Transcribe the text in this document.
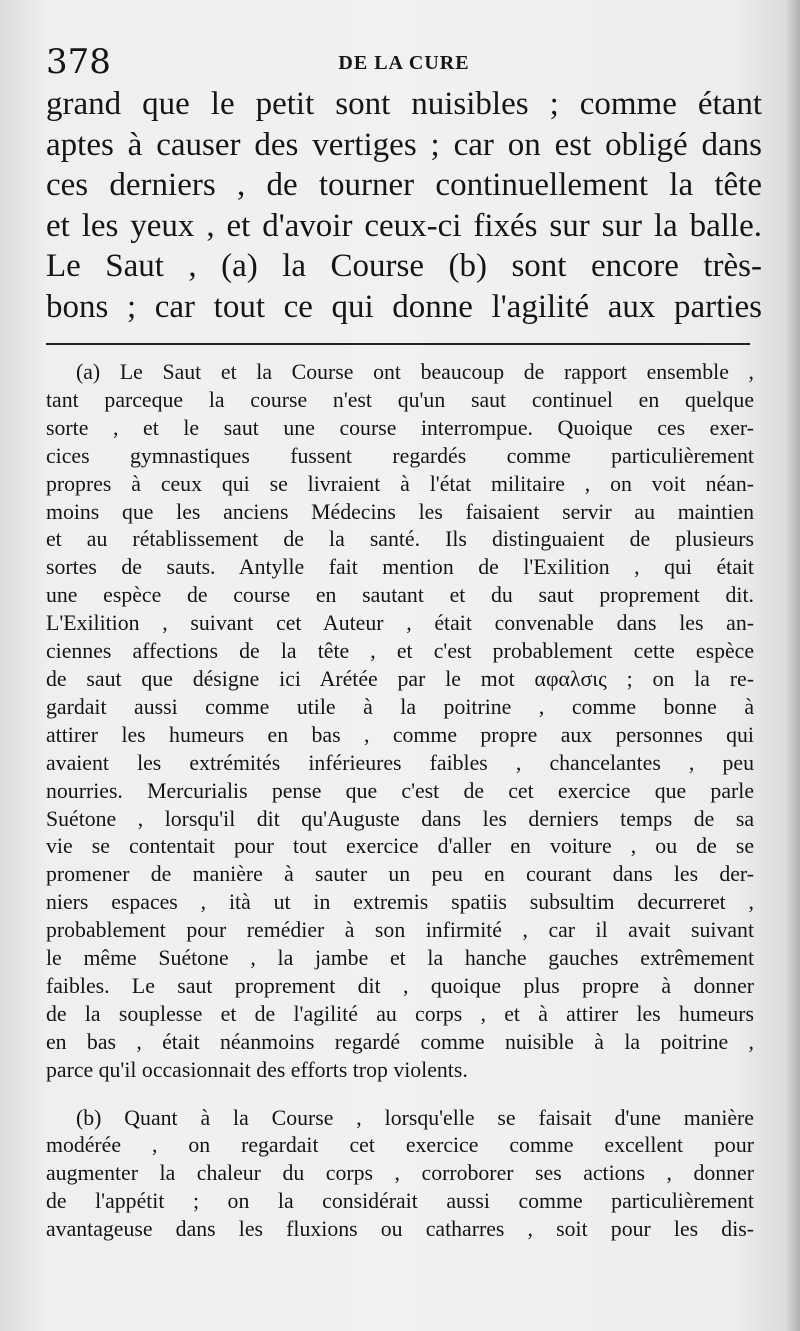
378	DE LA CURE
grand que le petit sont nuisibles ; comme étant
aptes à causer des vertiges ; car on est obligé dans
ces derniers , de tourner continuellement la tête
et les yeux , et d'avoir ceux-ci fixés sur sur la balle.
Le Saut , (a) la Course (b) sont encore très-
bons ; car tout ce qui donne l'agilité aux parties
(a) Le Saut et la Course ont beaucoup de rapport ensemble ,
tant parceque la course n'est qu'un saut continuel en quelque
sorte , et le saut une course interrompue. Quoique ces exer-
cices gymnastiques fussent regardés comme particulièrement
propres à ceux qui se livraient à l'état militaire , on voit néan-
moins que les anciens Médecins les faisaient servir au maintien
et au rétablissement de la santé. Ils distinguaient de plusieurs
sortes de sauts. Antylle fait mention de l'Exilition , qui était
une espèce de course en sautant et du saut proprement dit.
L'Exilition , suivant cet Auteur , était convenable dans les an-
ciennes affections de la tête , et c'est probablement cette espèce
de saut que désigne ici Arétée par le mot αφαλσις ; on la re-
gardait aussi comme utile à la poitrine , comme bonne à
attirer les humeurs en bas , comme propre aux personnes qui
avaient les extrémités inférieures faibles , chancelantes , peu
nourries. Mercurialis pense que c'est de cet exercice que parle
Suétone , lorsqu'il dit qu'Auguste dans les derniers temps de sa
vie se contentait pour tout exercice d'aller en voiture , ou de se
promener de manière à sauter un peu en courant dans les der-
niers espaces , ità ut in extremis spatiis subsultim decurreret ,
probablement pour remédier à son infirmité , car il avait suivant
le même Suétone , la jambe et la hanche gauches extrêmement
faibles. Le saut proprement dit , quoique plus propre à donner
de la souplesse et de l'agilité au corps , et à attirer les humeurs
en bas , était néanmoins regardé comme nuisible à la poitrine ,
parce qu'il occasionnait des efforts trop violents.
(b) Quant à la Course , lorsqu'elle se faisait d'une manière
modérée , on regardait cet exercice comme excellent pour
augmenter la chaleur du corps , corroborer ses actions , donner
de l'appétit ; on la considérait aussi comme particulièrement
avantageuse dans les fluxions ou catharres , soit pour les dis-
